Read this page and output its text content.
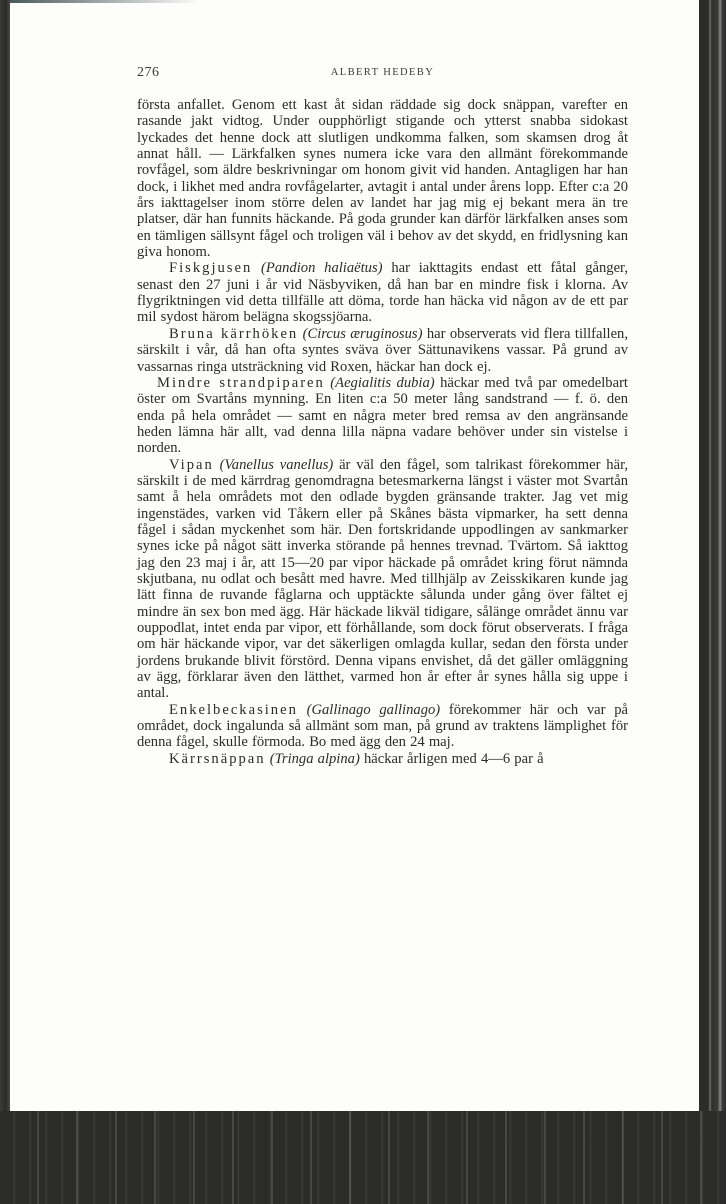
276	ALBERT HEDEBY

första anfallet. Genom ett kast åt sidan räddade sig dock snäppan, varefter en rasande jakt vidtog. Under oupphörligt stigande och ytterst snabba sidokast lyckades det henne dock att slutligen undkomma falken, som skamsen drog åt annat håll. — Lärkfalken synes numera icke vara den allmänt förekommande rovfågel, som äldre beskrivningar om honom givit vid handen. Antagligen har han dock, i likhet med andra rovfågelarter, avtagit i antal under årens lopp. Efter c:a 20 års iakttagelser inom större delen av landet har jag mig ej bekant mera än tre platser, där han funnits häckande. På goda grunder kan därför lärkfalken anses som en tämligen sällsynt fågel och troligen väl i behov av det skydd, en fridlysning kan giva honom.

Fiskgjusen (Pandion haliaëtus) har iakttagits endast ett fåtal gånger, senast den 27 juni i år vid Näsbyviken, då han bar en mindre fisk i klorna. Av flygriktningen vid detta tillfälle att döma, torde han häcka vid någon av de ett par mil sydost härom belägna skogssjöarna.

Bruna kärrhöken (Circus æruginosus) har observerats vid flera tillfallen, särskilt i vår, då han ofta syntes sväva över Sättunavikens vassar. På grund av vassarnas ringa utsträckning vid Roxen, häckar han dock ej.

Mindre strandpiparen (Aegialitis dubia) häckar med två par omedelbart öster om Svartåns mynning. En liten c:a 50 meter lång sandstrand — f. ö. den enda på hela området — samt en några meter bred remsa av den angränsande heden lämna här allt, vad denna lilla näpna vadare behöver under sin vistelse i norden.

Vipan (Vanellus vanellus) är väl den fågel, som talrikast förekommer här, särskilt i de med kärrdrag genomdragna betesmarkerna längst i väster mot Svartån samt å hela områdets mot den odlade bygden gränsande trakter. Jag vet mig ingenstädes, varken vid Tåkern eller på Skånes bästa vipmarker, ha sett denna fågel i sådan myckenhet som här. Den fortskridande uppodlingen av sankmarker synes icke på något sätt inverka störande på hennes trevnad. Tvärtom. Så iakttog jag den 23 maj i år, att 15—20 par vipor häckade på området kring förut nämnda skjutbana, nu odlat och besått med havre. Med tillhjälp av Zeisskikaren kunde jag lätt finna de ruvande fåglarna och upptäckte sålunda under gång över fältet ej mindre än sex bon med ägg. Här häckade likväl tidigare, sålänge området ännu var ouppodlat, intet enda par vipor, ett förhållande, som dock förut observerats. I fråga om här häckande vipor, var det säkerligen omlagda kullar, sedan den första under jordens brukande blivit förstörd. Denna vipans envishet, då det gäller omläggning av ägg, förklarar även den lätthet, varmed hon år efter år synes hålla sig uppe i antal.

Enkelbeckasinen (Gallinago gallinago) förekommer här och var på området, dock ingalunda så allmänt som man, på grund av traktens lämplighet för denna fågel, skulle förmoda. Bo med ägg den 24 maj.

Kärrsnäppan (Tringa alpina) häckar årligen med 4—6 par å
